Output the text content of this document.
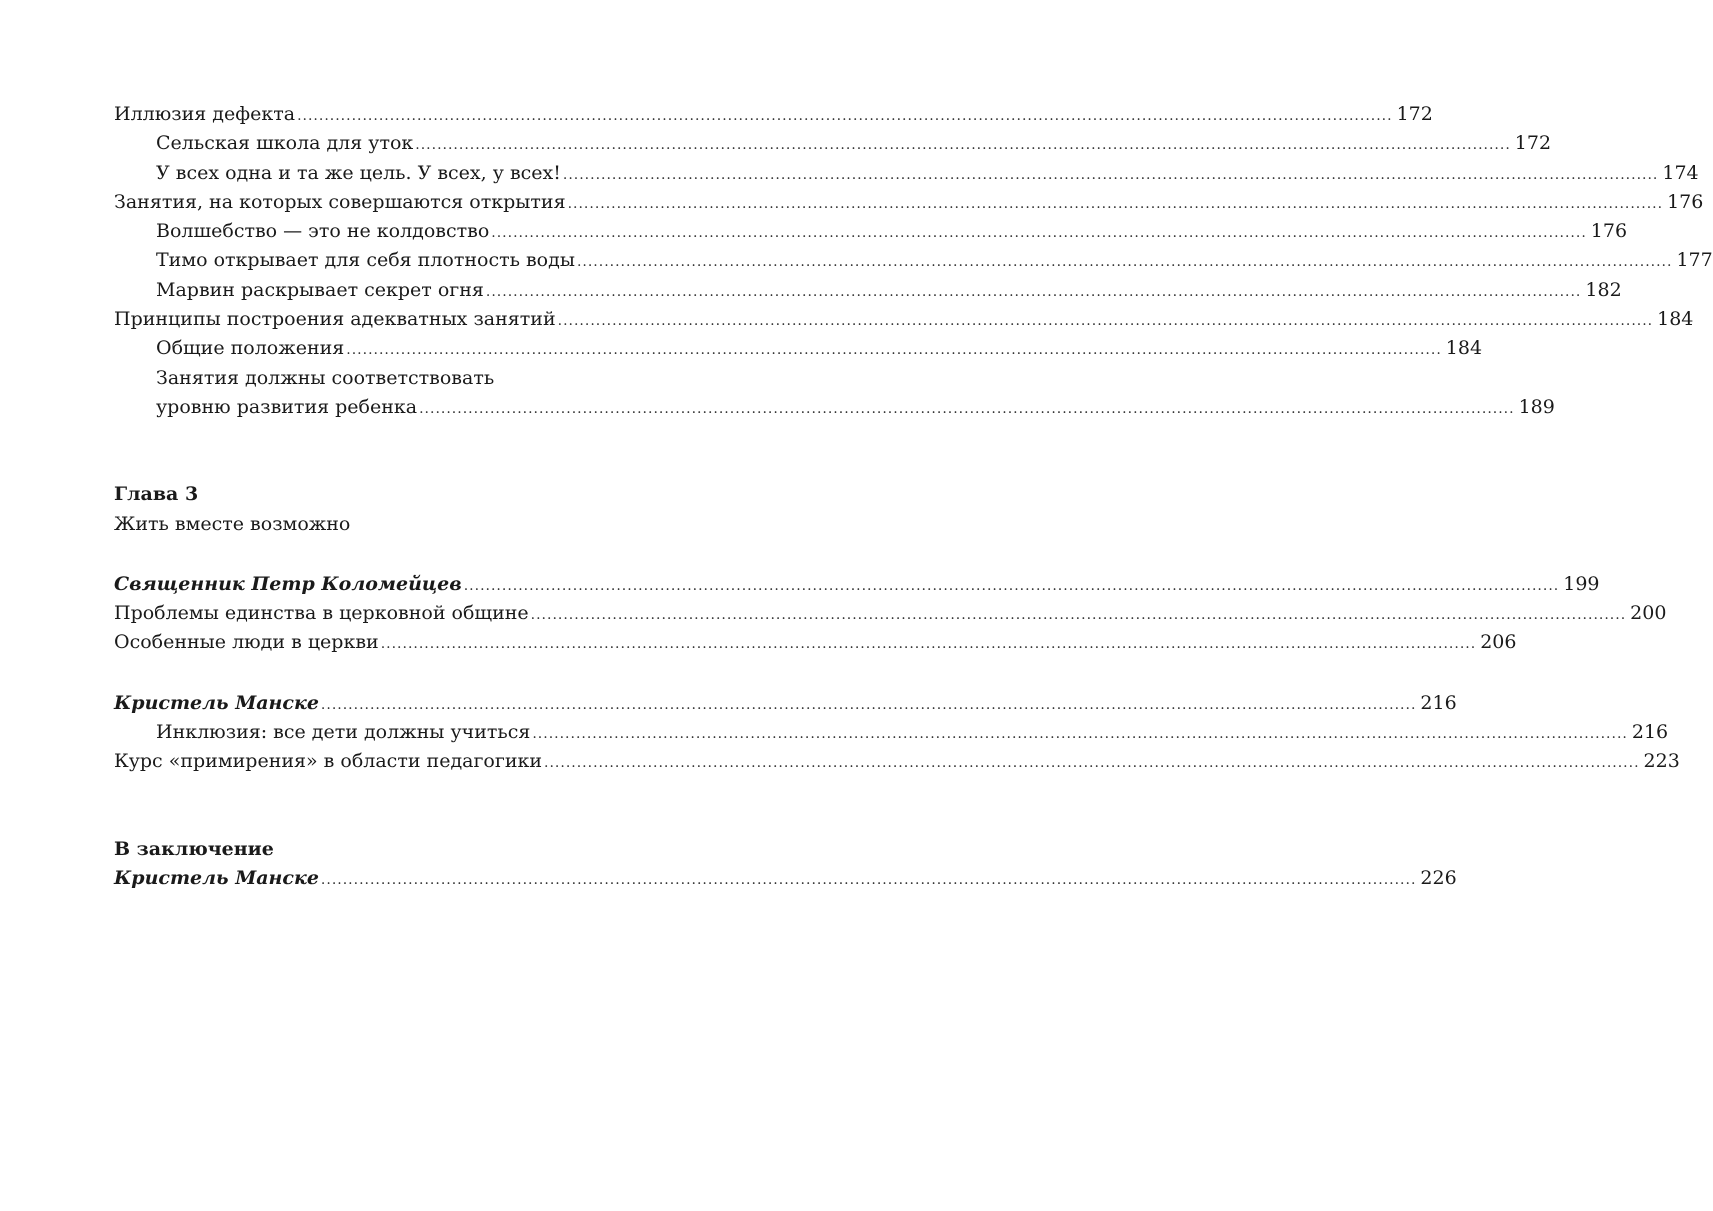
Иллюзия дефекта .....	172
Сельская школа для уток .....	172
У всех одна и та же цель. У всех, у всех! .....	174
Занятия, на которых совершаются открытия .....	176
Волшебство — это не колдовство .....	176
Тимо открывает для себя плотность воды .....	177
Марвин раскрывает секрет огня .....	182
Принципы построения адекватных занятий .....	184
Общие положения .....	184
Занятия должны соответствовать
уровню развития ребенка .....	189
Глава 3
Жить вместе возможно
Священник Петр Коломейцев .....	199
Проблемы единства в церковной общине .....	200
Особенные люди в церкви .....	206
Кристель Манске .....	216
Инклюзия: все дети должны учиться .....	216
Курс «примирения» в области педагогики .....	223
В заключение
Кристель Манске .....	226
